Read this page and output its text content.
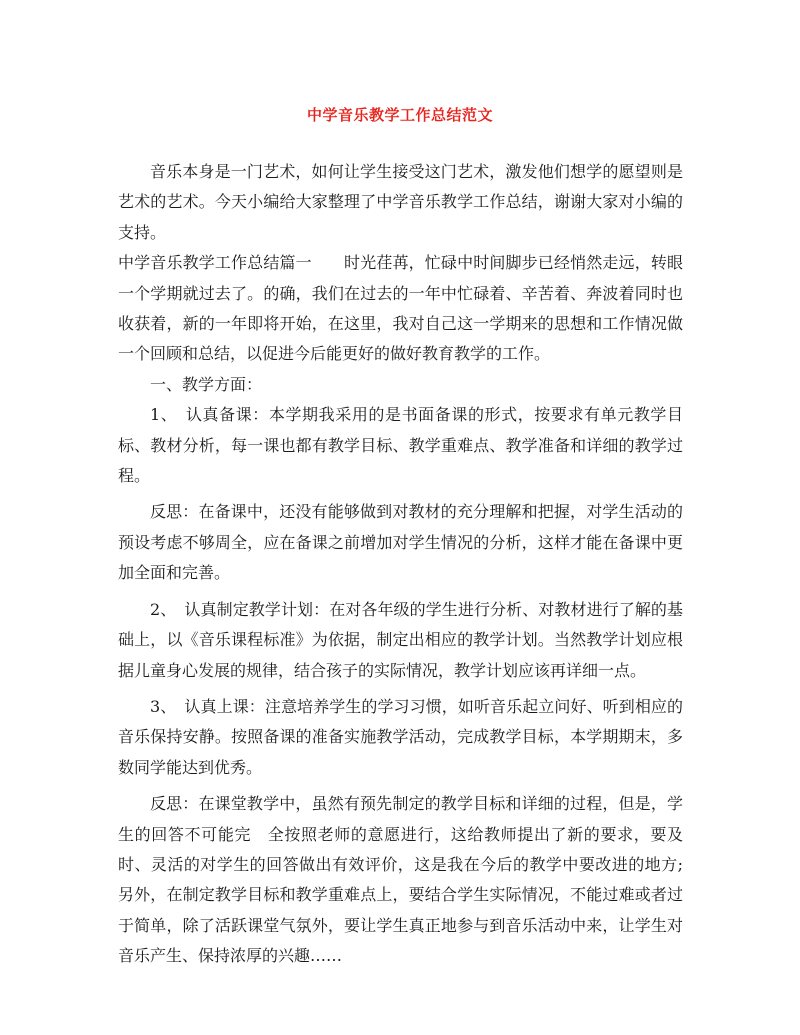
中学音乐教学工作总结范文

音乐本身是一门艺术，如何让学生接受这门艺术，激发他们想学的愿望则是艺术的艺术。今天小编给大家整理了中学音乐教学工作总结，谢谢大家对小编的支持。

中学音乐教学工作总结篇一　　时光荏苒，忙碌中时间脚步已经悄然走远，转眼一个学期就过去了。的确，我们在过去的一年中忙碌着、辛苦着、奔波着同时也收获着，新的一年即将开始，在这里，我对自己这一学期来的思想和工作情况做一个回顾和总结，以促进今后能更好的做好教育教学的工作。

一、教学方面：

1、　认真备课：本学期我采用的是书面备课的形式，按要求有单元教学目标、教材分析，每一课也都有教学目标、教学重难点、教学准备和详细的教学过程。

反思：在备课中，还没有能够做到对教材的充分理解和把握，对学生活动的预设考虑不够周全，应在备课之前增加对学生情况的分析，这样才能在备课中更加全面和完善。

2、　认真制定教学计划：在对各年级的学生进行分析、对教材进行了解的基础上，以《音乐课程标准》为依据，制定出相应的教学计划。当然教学计划应根据儿童身心发展的规律，结合孩子的实际情况，教学计划应该再详细一点。

3、　认真上课：注意培养学生的学习习惯，如听音乐起立问好、听到相应的音乐保持安静。按照备课的准备实施教学活动，完成教学目标，本学期期末，多数同学能达到优秀。

反思：在课堂教学中，虽然有预先制定的教学目标和详细的过程，但是，学生的回答不可能完　全按照老师的意愿进行，这给教师提出了新的要求，要及时、灵活的对学生的回答做出有效评价，这是我在今后的教学中要改进的地方;另外，在制定教学目标和教学重难点上，要结合学生实际情况，不能过难或者过于简单，除了活跃课堂气氛外，要让学生真正地参与到音乐活动中来，让学生对音乐产生、保持浓厚的兴趣……
